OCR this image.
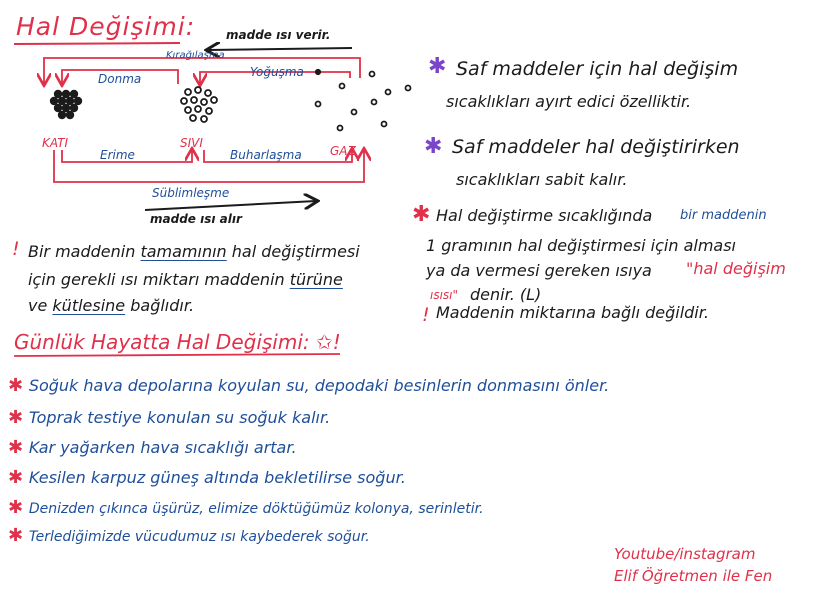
Hal Değişimi:	madde ısı verir.
Kırağılaşma
Donma	Yoğuşma
KATI	SIVI
GAZ
Erime	Buharlaşma
Süblimleşme
madde ısı alır
✱ Saf maddeler için hal değişim
sıcaklıkları ayırt edici özelliktir.
✱ Saf maddeler hal değiştirirken
sıcaklıkları sabit kalır.
✱ Hal değiştirme sıcaklığında bir maddenin
1 gramının hal değiştirmesi için alması
ya da vermesi gereken ısıya "hal değişim
ısısı" denir. (L)
! Maddenin miktarına bağlı değildir.
! Bir maddenin tamamının hal değiştirmesi
için gerekli ısı miktarı maddenin türüne
ve kütlesine bağlıdır.
Günlük Hayatta Hal Değişimi: ✩!
✱ Soğuk hava depolarına koyulan su, depodaki besinlerin donmasını önler.
✱ Toprak testiye konulan su soğuk kalır.
✱ Kar yağarken hava sıcaklığı artar.
✱ Kesilen karpuz güneş altında bekletilirse soğur.
✱ Denizden çıkınca üşürüz, elimize döktüğümüz kolonya, serinletir.
✱ Terlediğimizde vücudumuz ısı kaybederek soğur.
Youtube/instagram
Elif Öğretmen ile Fen
